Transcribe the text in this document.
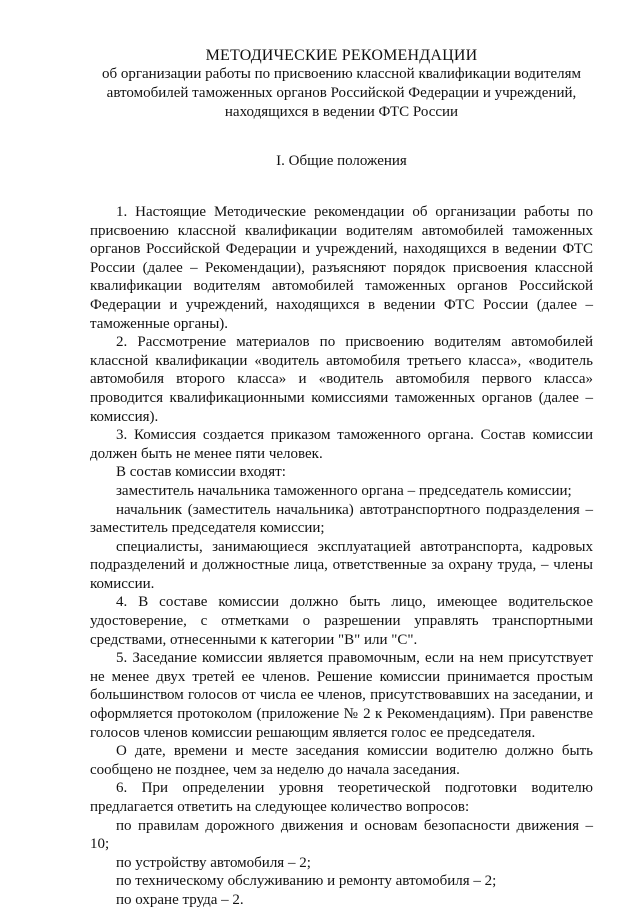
МЕТОДИЧЕСКИЕ РЕКОМЕНДАЦИИ

об организации работы по присвоению классной квалификации водителям

автомобилей таможенных органов Российской Федерации и учреждений,

находящихся в ведении ФТС России

I. Общие положения

1. Настоящие Методические рекомендации об организации работы по присвоению классной квалификации водителям автомобилей таможенных органов Российской Федерации и учреждений, находящихся в ведении ФТС России (далее – Рекомендации), разъясняют порядок присвоения классной квалификации водителям автомобилей таможенных органов Российской Федерации и учреждений, находящихся в ведении ФТС России (далее – таможенные органы).

2. Рассмотрение материалов по присвоению водителям автомобилей классной квалификации «водитель автомобиля третьего класса», «водитель автомобиля второго класса» и «водитель автомобиля первого класса» проводится квалификационными комиссиями таможенных органов (далее – комиссия).

3. Комиссия создается приказом таможенного органа. Состав комиссии должен быть не менее пяти человек.

В состав комиссии входят:

заместитель начальника таможенного органа – председатель комиссии;

начальник (заместитель начальника) автотранспортного подразделения – заместитель председателя комиссии;

специалисты, занимающиеся эксплуатацией автотранспорта, кадровых подразделений и должностные лица, ответственные за охрану труда, – члены комиссии.

4. В составе комиссии должно быть лицо, имеющее водительское удостоверение, с отметками о разрешении управлять транспортными средствами, отнесенными к категории "В" или "С".

5. Заседание комиссии является правомочным, если на нем присутствует не менее двух третей ее членов. Решение комиссии принимается простым большинством голосов от числа ее членов, присутствовавших на заседании, и оформляется протоколом (приложение № 2 к Рекомендациям). При равенстве голосов членов комиссии решающим является голос ее председателя.

О дате, времени и месте заседания комиссии водителю должно быть сообщено не позднее, чем за неделю до начала заседания.

6. При определении уровня теоретической подготовки водителю предлагается ответить на следующее количество вопросов:

по правилам дорожного движения и основам безопасности движения – 10;

по устройству автомобиля – 2;

по техническому обслуживанию и ремонту автомобиля – 2;

по охране труда – 2.
